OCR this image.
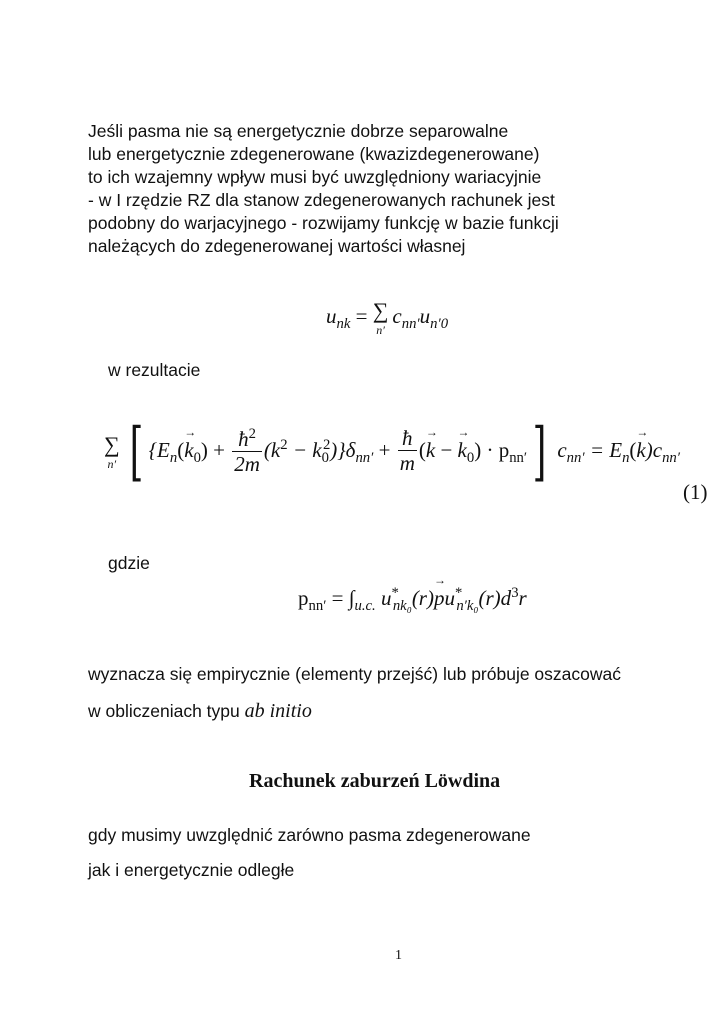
Jeśli pasma nie są energetycznie dobrze separowalne
lub energetycznie zdegenerowane (kwazizdegenerowane)
to ich wzajemny wpływ musi być uwzględniony wariacyjnie
- w I rzędzie RZ dla stanow zdegenerowanych rachunek jest
podobny do warjacyjnego - rozwijamy funkcję w bazie funkcji
należących do zdegenerowanej wartości własnej
$u_{nk}$ = ∑
n′
$c_{nn'}u_{n'0}$
w rezultacie
∑
n′ [ $\{E_n(\to k_0) + \frac{ħ^2}{2m} (k^2 - k_0^2)\}\delta_{nn'} + \frac{ħ}{m}$ (→ k − → $k_0) \cdot p_{nn'}$] $c_{nn'} = E_n(\to k)c_{nn'}$
(1)
gdzie
$p_{nn'} = \int_{u.c.}$ $u^*_{nk_0}(r)\to pu^*_{n'k_0}(r)d^3r$
wyznacza się empirycznie (elementy przejść) lub próbuje oszacować
w obliczeniach typu ab initio
Rachunek zaburzeń Löwdina
gdy musimy uwzględnić zarówno pasma zdegenerowane
jak i energetycznie odległe
1
